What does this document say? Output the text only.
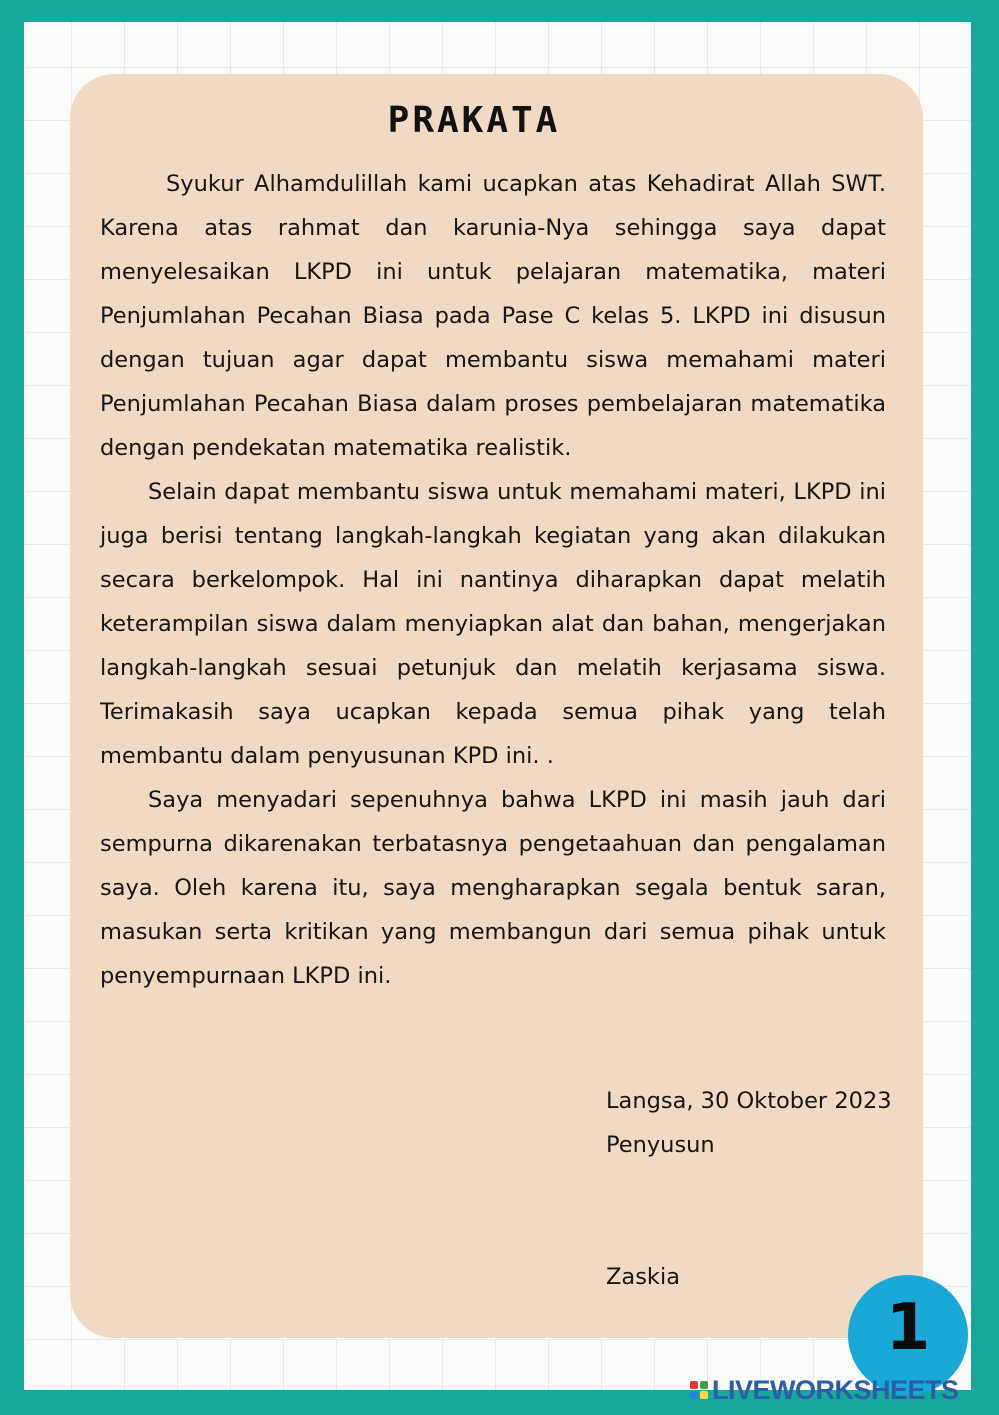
PRAKATA

Syukur Alhamdulillah kami ucapkan atas Kehadirat Allah SWT. Karena atas rahmat dan karunia-Nya sehingga saya dapat menyelesaikan LKPD ini untuk pelajaran matematika, materi Penjumlahan Pecahan Biasa pada Pase C kelas 5. LKPD ini disusun dengan tujuan agar dapat membantu siswa memahami materi Penjumlahan Pecahan Biasa dalam proses pembelajaran matematika dengan pendekatan matematika realistik.

Selain dapat membantu siswa untuk memahami materi, LKPD ini juga berisi tentang langkah-langkah kegiatan yang akan dilakukan secara berkelompok. Hal ini nantinya diharapkan dapat melatih keterampilan siswa dalam menyiapkan alat dan bahan, mengerjakan langkah-langkah sesuai petunjuk dan melatih kerjasama siswa. Terimakasih saya ucapkan kepada semua pihak yang telah membantu dalam penyusunan KPD ini. .

Saya menyadari sepenuhnya bahwa LKPD ini masih jauh dari sempurna dikarenakan terbatasnya pengetaahuan dan pengalaman saya. Oleh karena itu, saya mengharapkan segala bentuk saran, masukan serta kritikan yang membangun dari semua pihak untuk penyempurnaan LKPD ini.

Langsa, 30 Oktober 2023
Penyusun
Zaskia
1
LIVEWORKSHEETS
